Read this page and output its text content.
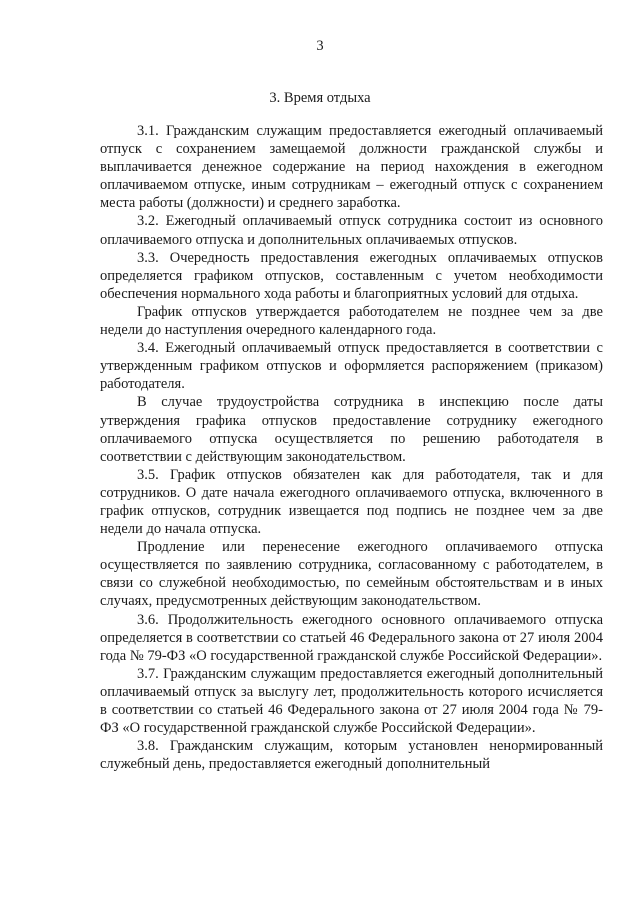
3
3. Время отдыха

3.1. Гражданским служащим предоставляется ежегодный оплачиваемый отпуск с сохранением замещаемой должности гражданской службы и выплачивается денежное содержание на период нахождения в ежегодном оплачиваемом отпуске, иным сотрудникам – ежегодный отпуск с сохранением места работы (должности) и среднего заработка.

3.2. Ежегодный оплачиваемый отпуск сотрудника состоит из основного оплачиваемого отпуска и дополнительных оплачиваемых отпусков.

3.3. Очередность предоставления ежегодных оплачиваемых отпусков определяется графиком отпусков, составленным с учетом необходимости обеспечения нормального хода работы и благоприятных условий для отдыха.

График отпусков утверждается работодателем не позднее чем за две недели до наступления очередного календарного года.

3.4. Ежегодный оплачиваемый отпуск предоставляется в соответствии с утвержденным графиком отпусков и оформляется распоряжением (приказом) работодателя.

В случае трудоустройства сотрудника в инспекцию после даты утверждения графика отпусков предоставление сотруднику ежегодного оплачиваемого отпуска осуществляется по решению работодателя в соответствии с действующим законодательством.

3.5. График отпусков обязателен как для работодателя, так и для сотрудников. О дате начала ежегодного оплачиваемого отпуска, включенного в график отпусков, сотрудник извещается под подпись не позднее чем за две недели до начала отпуска.

Продление или перенесение ежегодного оплачиваемого отпуска осуществляется по заявлению сотрудника, согласованному с работодателем, в связи со служебной необходимостью, по семейным обстоятельствам и в иных случаях, предусмотренных действующим законодательством.

3.6. Продолжительность ежегодного основного оплачиваемого отпуска определяется в соответствии со статьей 46 Федерального закона от 27 июля 2004 года № 79-ФЗ «О государственной гражданской службе Российской Федерации».

3.7. Гражданским служащим предоставляется ежегодный дополнительный оплачиваемый отпуск за выслугу лет, продолжительность которого исчисляется в соответствии со статьей 46 Федерального закона от 27 июля 2004 года № 79-ФЗ «О государственной гражданской службе Российской Федерации».

3.8. Гражданским служащим, которым установлен ненормированный служебный день, предоставляется ежегодный дополнительный
